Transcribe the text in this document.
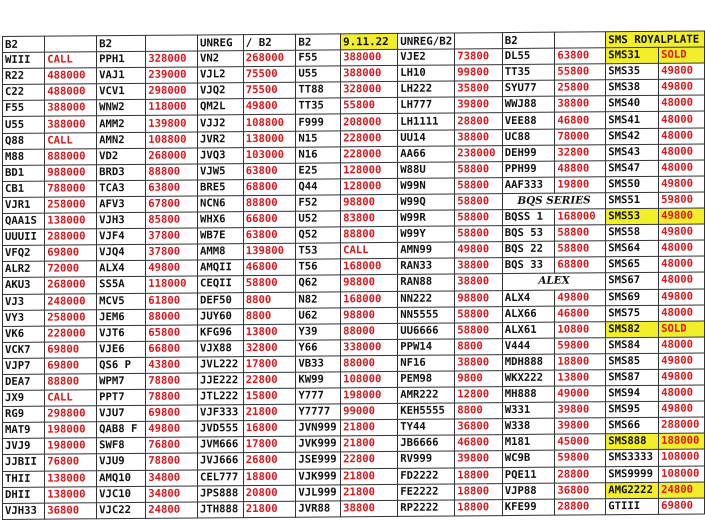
B2		B2		UNREG	/ B2	B2	9.11.22	UNREG/B2		B2		SMS ROYALPLATE	
WIII	CALL	PPH1	328000	VN2	268000	F55	388000	VJE2	73800	DL55	63800	SMS31	SOLD
R22	488000	VAJ1	239000	VJL2	75500	U55	388000	LH10	99800	TT35	55800	SMS35	49800
C22	488000	VCV1	298000	VJQ2	75500	TT88	328000	LH222	35800	SYU77	25800	SMS38	49800
F55	388000	WNW2	118000	QM2L	49800	TT35	55800	LH777	39800	WWJ88	38800	SMS40	48000
U55	388000	AMM2	139800	VJJ2	108800	F999	208000	LH1111	28800	VEE88	46800	SMS41	48000
Q88	CALL	AMN2	108800	JVR2	138000	N15	228000	UU14	38800	UC88	78000	SMS42	48000
M88	888000	VD2	268000	JVQ3	103000	N16	228000	AA66	238000	DEH99	32800	SMS43	48000
BD1	988000	BRD3	88800	VJW5	63800	E25	128000	W88U	58800	PPH99	48800	SMS47	48000
CB1	788000	TCA3	63800	BRE5	68800	Q44	128000	W99N	58800	AAF333	19800	SMS50	49800
VJR1	258000	AFV3	67800	NCN6	88800	F52	98800	W99Q	58800	BQS SERIES		SMS51	59800
QAA1S	138000	VJH3	85800	WHX6	66800	U52	83800	W99R	58800	BQSS 1	168000	SMS53	49800
UUUII	288000	VJF4	37800	WB7E	63800	Q52	88800	W99Y	58800	BQS 53	58800	SMS58	49800
VFQ2	69800	VJQ4	37800	AMM8	139800	T53	CALL	AMN99	49800	BQS 22	58800	SMS64	48000
ALR2	72000	ALX4	49800	AMQII	46800	T56	168000	RAN33	38800	BQS 33	68800	SMS65	48000
AKU3	268000	SS5A	118000	CEQII	58800	Q62	98800	RAN88	38800	ALEX		SMS67	48000
VJ3	248000	MCV5	61800	DEF50	8800	N82	168000	NN222	98800	ALX4	49800	SMS69	49800
VY3	258000	JEM6	88000	JUY60	8800	U62	98800	NN5555	58800	ALX66	46800	SMS75	48000
VK6	228000	VJT6	65800	KFG96	13800	Y39	88000	UU6666	58800	ALX61	10800	SMS82	SOLD
VCK7	69800	VJE6	66800	VJX88	32800	Y66	338000	PPW14	8800	V444	59800	SMS84	48000
VJP7	69800	QS6 P	43800	JVL222	17800	VB33	88000	NF16	38800	MDH888	18800	SMS85	49800
DEA7	88800	WPM7	78800	JJE222	22800	KW99	108000	PEM98	9800	WKX222	13800	SMS87	49800
JX9	CALL	PPT7	78800	JTL222	15800	Y777	198000	AMR222	12800	MH888	49000	SMS94	48000
RG9	298800	VJU7	69800	VJF333	21800	Y7777	99000	KEH5555	8800	W331	39800	SMS95	49800
MAT9	198000	QAB8 F	49800	JVD555	16800	JVN999	21800	TY44	36800	W338	39800	SMS66	288000
JVJ9	198000	SWF8	76800	JVM666	17800	JVK999	21800	JB6666	46800	M181	45000	SMS888	188000
JJBII	76800	VJU9	78800	JVJ666	26800	JSE999	22800	RV999	39800	WC9B	59800	SMS3333	108000
THII	138000	AMQ10	34800	CEL777	18800	VJK999	21800	FD2222	18800	PQE11	28800	SMS9999	108000
DHII	138000	VJC10	34800	JPS888	20800	VJL999	21800	FE2222	18800	VJP88	36800	AMG2222	24800
VJH33	36800	VJC22	24800	JTH888	21800	JVR88	38800	RP2222	18800	KFE99	28800	GTIII	69800
